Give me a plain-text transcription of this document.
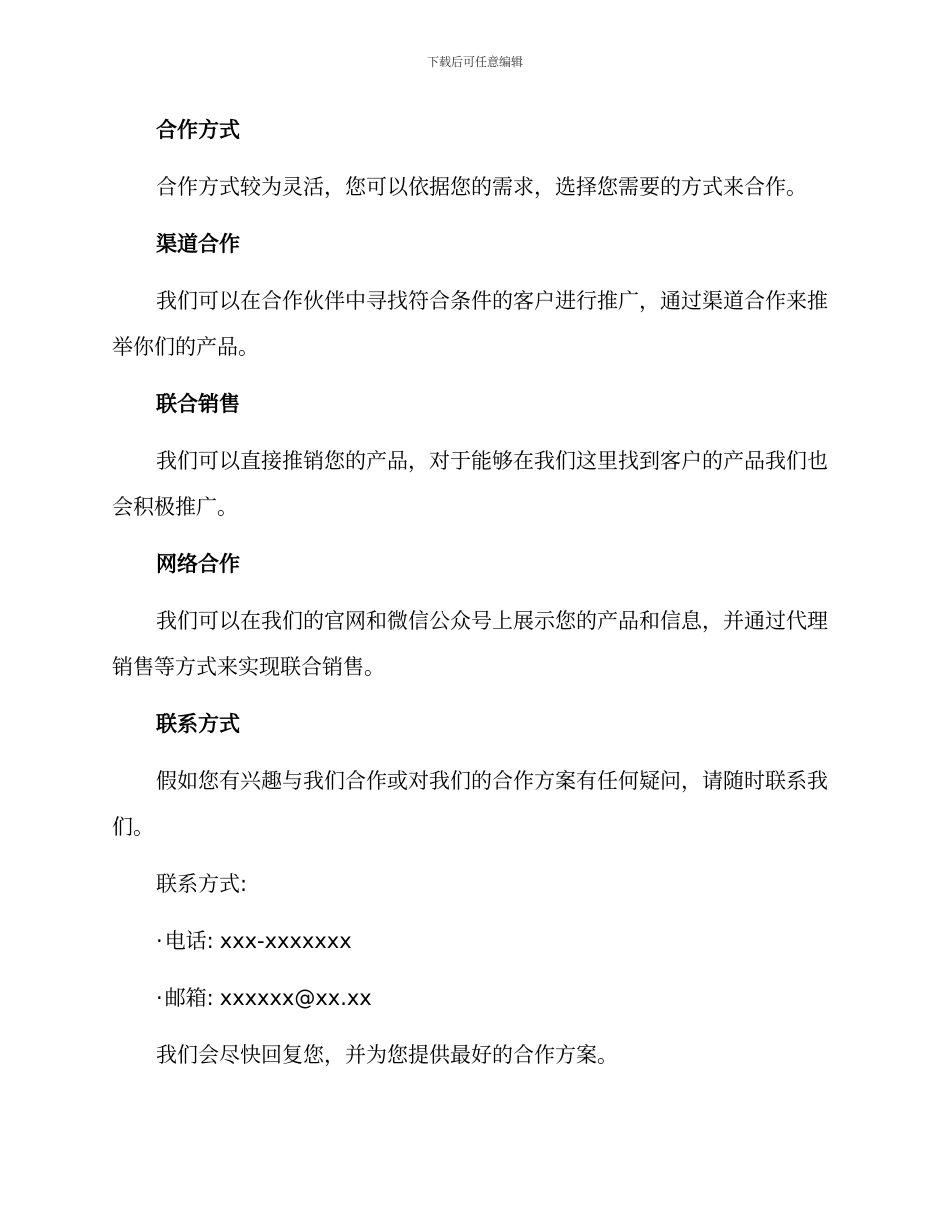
下载后可任意编辑
合作方式

合作方式较为灵活，您可以依据您的需求，选择您需要的方式来合作。

渠道合作

我们可以在合作伙伴中寻找符合条件的客户进行推广，通过渠道合作来推举你们的产品。

联合销售

我们可以直接推销您的产品，对于能够在我们这里找到客户的产品我们也会积极推广。

网络合作

我们可以在我们的官网和微信公众号上展示您的产品和信息，并通过代理销售等方式来实现联合销售。

联系方式

假如您有兴趣与我们合作或对我们的合作方案有任何疑问，请随时联系我们。

联系方式:

·电话: xxx-xxxxxxx

·邮箱: xxxxxx@xx.xx

我们会尽快回复您，并为您提供最好的合作方案。
